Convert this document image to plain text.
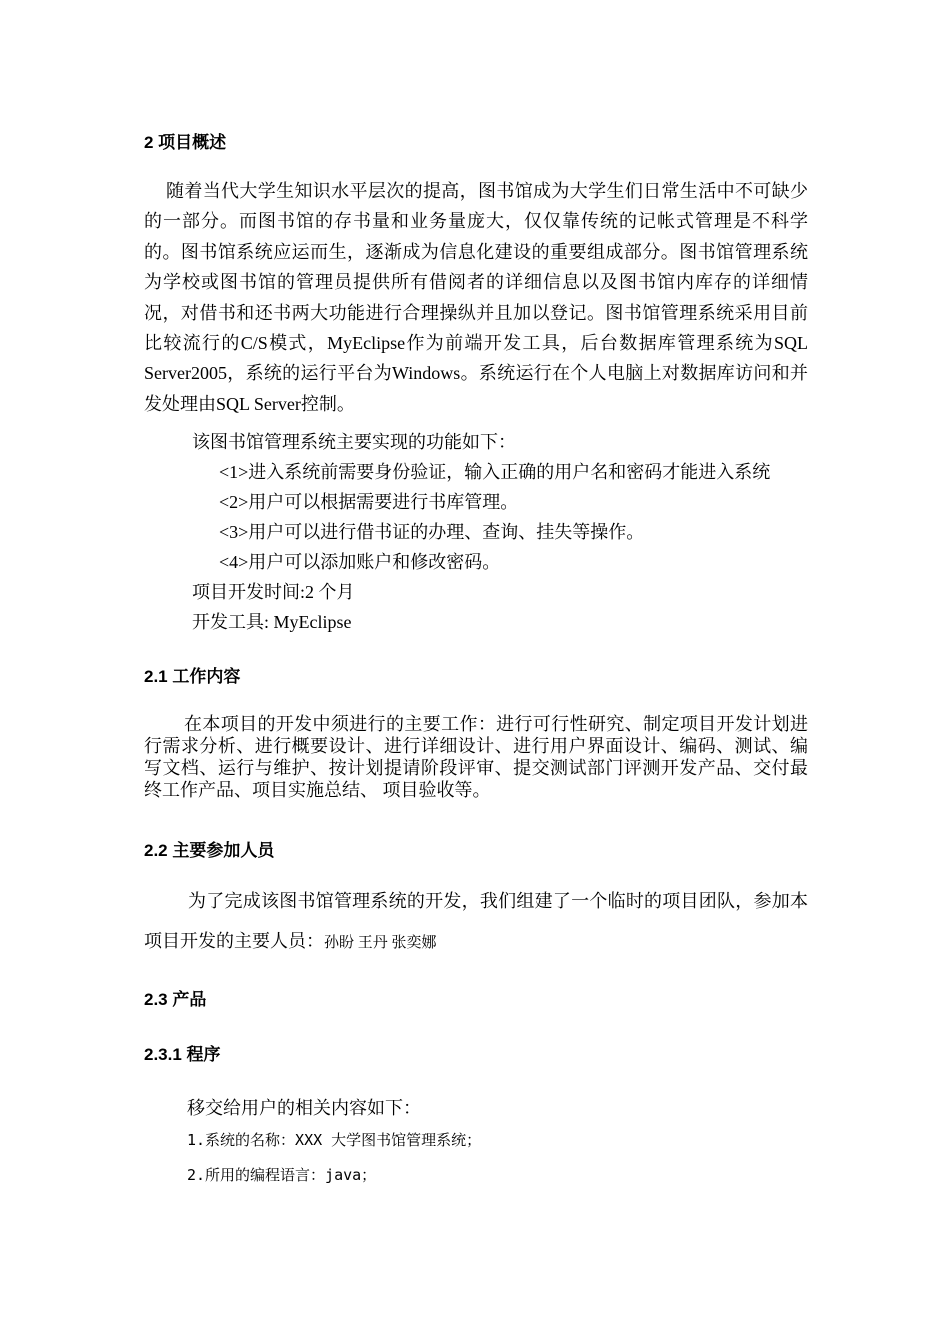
2 项目概述
随着当代大学生知识水平层次的提高，图书馆成为大学生们日常生活中不可缺少的一部分。而图书馆的存书量和业务量庞大，仅仅靠传统的记帐式管理是不科学的。图书馆系统应运而生，逐渐成为信息化建设的重要组成部分。图书馆管理系统为学校或图书馆的管理员提供所有借阅者的详细信息以及图书馆内库存的详细情况，对借书和还书两大功能进行合理操纵并且加以登记。图书馆管理系统采用目前比较流行的C/S模式，MyEclipse作为前端开发工具，后台数据库管理系统为SQL Server2005，系统的运行平台为Windows。系统运行在个人电脑上对数据库访问和并发处理由SQL Server控制。
该图书馆管理系统主要实现的功能如下：
<1>进入系统前需要身份验证，输入正确的用户名和密码才能进入系统
<2>用户可以根据需要进行书库管理。
<3>用户可以进行借书证的办理、查询、挂失等操作。
<4>用户可以添加账户和修改密码。
项目开发时间:2 个月
开发工具: MyEclipse
2.1 工作内容
在本项目的开发中须进行的主要工作：进行可行性研究、制定项目开发计划进行需求分析、进行概要设计、进行详细设计、进行用户界面设计、编码、测试、编写文档、运行与维护、按计划提请阶段评审、提交测试部门评测开发产品、交付最终工作产品、项目实施总结、 项目验收等。
2.2 主要参加人员
为了完成该图书馆管理系统的开发，我们组建了一个临时的项目团队，参加本项目开发的主要人员：孙盼 王丹 张奕娜
2.3 产品
2.3.1 程序
移交给用户的相关内容如下：
1.系统的名称：XXX 大学图书馆管理系统；
2.所用的编程语言：java；
